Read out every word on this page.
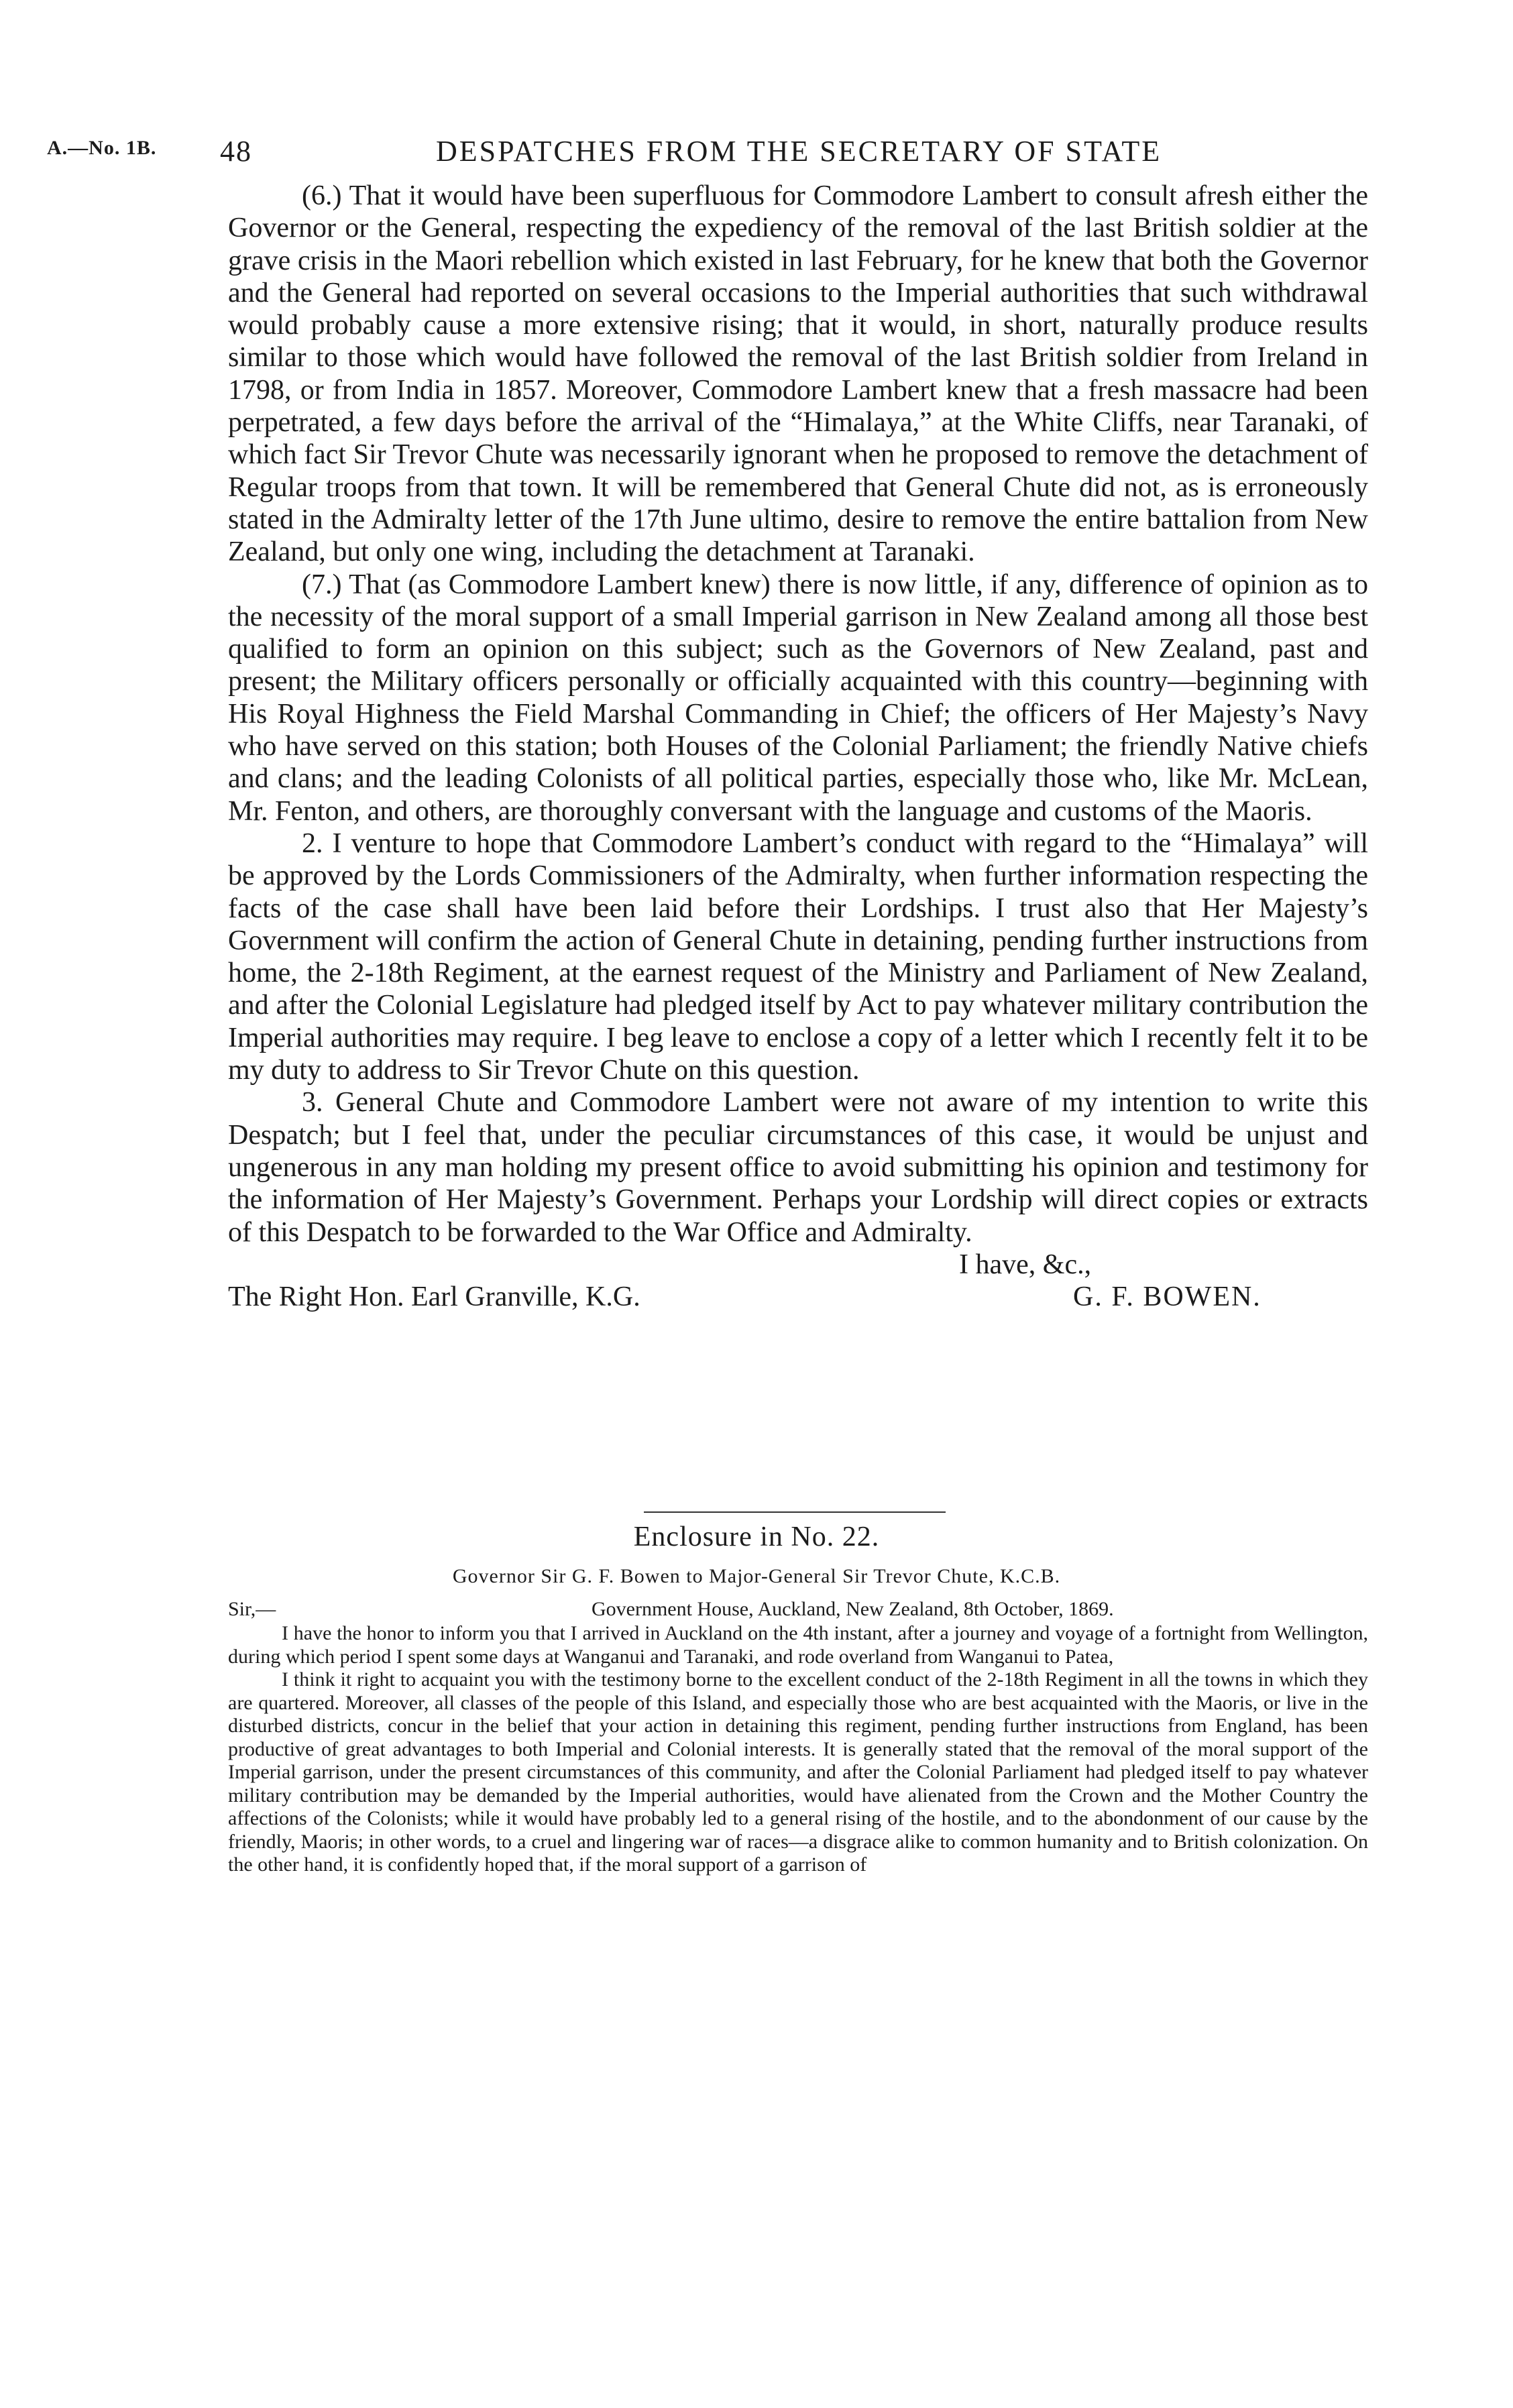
A.—No. 1B. 48	DESPATCHES FROM THE SECRETARY OF STATE

(6.) That it would have been superfluous for Commodore Lambert to consult afresh either the Governor or the General, respecting the expediency of the removal of the last British soldier at the grave crisis in the Maori rebellion which existed in last February, for he knew that both the Governor and the General had reported on several occasions to the Imperial authorities that such withdrawal would probably cause a more extensive rising; that it would, in short, naturally produce results similar to those which would have followed the removal of the last British soldier from Ireland in 1798, or from India in 1857. Moreover, Commodore Lambert knew that a fresh massacre had been perpetrated, a few days before the arrival of the “Himalaya,” at the White Cliffs, near Taranaki, of which fact Sir Trevor Chute was necessarily ignorant when he proposed to remove the detachment of Regular troops from that town. It will be remembered that General Chute did not, as is erroneously stated in the Admiralty letter of the 17th June ultimo, desire to remove the entire battalion from New Zealand, but only one wing, including the detachment at Taranaki.

(7.) That (as Commodore Lambert knew) there is now little, if any, difference of opinion as to the necessity of the moral support of a small Imperial garrison in New Zealand among all those best qualified to form an opinion on this subject; such as the Governors of New Zealand, past and present; the Military officers personally or officially acquainted with this country—beginning with His Royal Highness the Field Marshal Commanding in Chief; the officers of Her Majesty’s Navy who have served on this station; both Houses of the Colonial Parliament; the friendly Native chiefs and clans; and the leading Colonists of all political parties, especially those who, like Mr. McLean, Mr. Fenton, and others, are thoroughly conversant with the language and customs of the Maoris.

2. I venture to hope that Commodore Lambert’s conduct with regard to the “Himalaya” will be approved by the Lords Commissioners of the Admiralty, when further information respecting the facts of the case shall have been laid before their Lordships. I trust also that Her Majesty’s Government will confirm the action of General Chute in detaining, pending further instructions from home, the 2-18th Regiment, at the earnest request of the Ministry and Parliament of New Zealand, and after the Colonial Legislature had pledged itself by Act to pay whatever military contribution the Imperial authorities may require. I beg leave to enclose a copy of a letter which I recently felt it to be my duty to address to Sir Trevor Chute on this question.

3. General Chute and Commodore Lambert were not aware of my intention to write this Despatch; but I feel that, under the peculiar circumstances of this case, it would be unjust and ungenerous in any man holding my present office to avoid submitting his opinion and testimony for the information of Her Majesty’s Government. Perhaps your Lordship will direct copies or extracts of this Despatch to be forwarded to the War Office and Admiralty.

I have, &c.,
The Right Hon. Earl Granville, K.G.	G. F. BOWEN.
Enclosure in No. 22.
Governor Sir G. F. Bowen to Major-General Sir Trevor Chute, K.C.B.
Sir,—	Government House, Auckland, New Zealand, 8th October, 1869.

I have the honor to inform you that I arrived in Auckland on the 4th instant, after a journey and voyage of a fortnight from Wellington, during which period I spent some days at Wanganui and Taranaki, and rode overland from Wanganui to Patea,

I think it right to acquaint you with the testimony borne to the excellent conduct of the 2-18th Regiment in all the towns in which they are quartered. Moreover, all classes of the people of this Island, and especially those who are best acquainted with the Maoris, or live in the disturbed districts, concur in the belief that your action in detaining this regiment, pending further instructions from England, has been productive of great advantages to both Imperial and Colonial interests. It is generally stated that the removal of the moral support of the Imperial garrison, under the present circumstances of this community, and after the Colonial Parliament had pledged itself to pay whatever military contribution may be demanded by the Imperial authorities, would have alienated from the Crown and the Mother Country the affections of the Colonists; while it would have probably led to a general rising of the hostile, and to the abondonment of our cause by the friendly, Maoris; in other words, to a cruel and lingering war of races—a disgrace alike to common humanity and to British colonization. On the other hand, it is confidently hoped that, if the moral support of a garrison of
